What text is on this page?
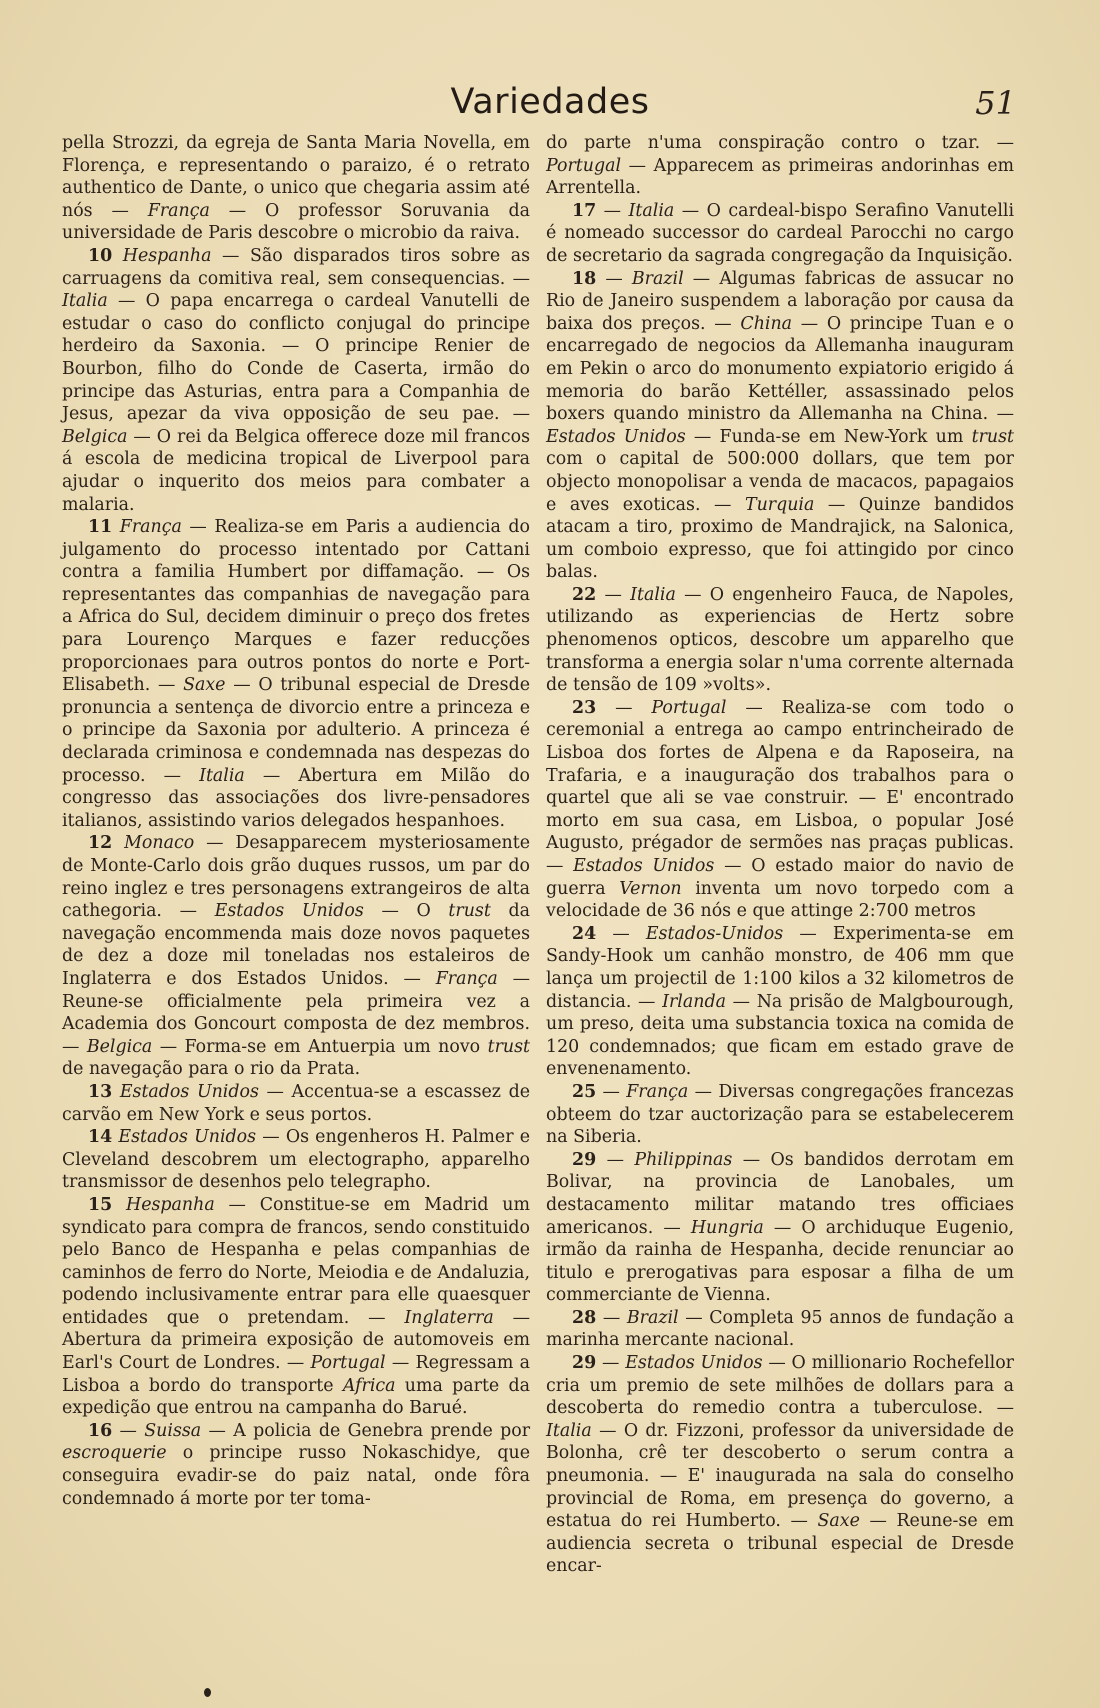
Variedades	51

pella Strozzi, da egreja de Santa Maria Novella, em Florença, e representando o paraizo, é o retrato authentico de Dante, o unico que chegaria assim até nós — França — O professor Soruvania da universidade de Paris descobre o microbio da raiva.

10 Hespanha — São disparados tiros sobre as carruagens da comitiva real, sem consequencias. — Italia — O papa encarrega o cardeal Vanutelli de estudar o caso do conflicto conjugal do principe herdeiro da Saxonia. — O principe Renier de Bourbon, filho do Conde de Caserta, irmão do principe das Asturias, entra para a Companhia de Jesus, apezar da viva opposição de seu pae. — Belgica — O rei da Belgica offerece doze mil francos á escola de medicina tropical de Liverpool para ajudar o inquerito dos meios para combater a malaria.

11 França — Realiza-se em Paris a audiencia do julgamento do processo intentado por Cattani contra a familia Humbert por diffamação. — Os representantes das companhias de navegação para a Africa do Sul, decidem diminuir o preço dos fretes para Lourenço Marques e fazer reducções proporcionaes para outros pontos do norte e Port-Elisabeth. — Saxe — O tribunal especial de Dresde pronuncia a sentença de divorcio entre a princeza e o principe da Saxonia por adulterio. A princeza é declarada criminosa e condemnada nas despezas do processo. — Italia — Abertura em Milão do congresso das associações dos livre-pensadores italianos, assistindo varios delegados hespanhoes.

12 Monaco — Desapparecem mysteriosamente de Monte-Carlo dois grão duques russos, um par do reino inglez e tres personagens extrangeiros de alta cathegoria. — Estados Unidos — O trust da navegação encommenda mais doze novos paquetes de dez a doze mil toneladas nos estaleiros de Inglaterra e dos Estados Unidos. — França — Reune-se officialmente pela primeira vez a Academia dos Goncourt composta de dez membros. — Belgica — Forma-se em Antuerpia um novo trust de navegação para o rio da Prata.

13 Estados Unidos — Accentua-se a escassez de carvão em New York e seus portos.

14 Estados Unidos — Os engenheros H. Palmer e Cleveland descobrem um electographo, apparelho transmissor de desenhos pelo telegrapho.

15 Hespanha — Constitue-se em Madrid um syndicato para compra de francos, sendo constituido pelo Banco de Hespanha e pelas companhias de caminhos de ferro do Norte, Meiodia e de Andaluzia, podendo inclusivamente entrar para elle quaesquer entidades que o pretendam. — Inglaterra — Abertura da primeira exposição de automoveis em Earl's Court de Londres. — Portugal — Regressam a Lisboa a bordo do transporte Africa uma parte da expedição que entrou na campanha do Barué.

16 — Suissa — A policia de Genebra prende por escroquerie o principe russo Nokaschidye, que conseguira evadir-se do paiz natal, onde fôra condemnado á morte por ter toma-

do parte n'uma conspiração contro o tzar. — Portugal — Apparecem as primeiras andorinhas em Arrentella.

17 — Italia — O cardeal-bispo Serafino Vanutelli é nomeado successor do cardeal Parocchi no cargo de secretario da sagrada congregação da Inquisição.

18 — Brazil — Algumas fabricas de assucar no Rio de Janeiro suspendem a laboração por causa da baixa dos preços. — China — O principe Tuan e o encarregado de negocios da Allemanha inauguram em Pekin o arco do monumento expiatorio erigido á memoria do barão Kettéller, assassinado pelos boxers quando ministro da Allemanha na China. — Estados Unidos — Funda-se em New-York um trust com o capital de 500:000 dollars, que tem por objecto monopolisar a venda de macacos, papagaios e aves exoticas. — Turquia — Quinze bandidos atacam a tiro, proximo de Mandrajick, na Salonica, um comboio expresso, que foi attingido por cinco balas.

22 — Italia — O engenheiro Fauca, de Napoles, utilizando as experiencias de Hertz sobre phenomenos opticos, descobre um apparelho que transforma a energia solar n'uma corrente alternada de tensão de 109 »volts».

23 — Portugal — Realiza-se com todo o ceremonial a entrega ao campo entrincheirado de Lisboa dos fortes de Alpena e da Raposeira, na Trafaria, e a inauguração dos trabalhos para o quartel que ali se vae construir. — E' encontrado morto em sua casa, em Lisboa, o popular José Augusto, prégador de sermões nas praças publicas. — Estados Unidos — O estado maior do navio de guerra Vernon inventa um novo torpedo com a velocidade de 36 nós e que attinge 2:700 metros

24 — Estados-Unidos — Experimenta-se em Sandy-Hook um canhão monstro, de 406 mm que lança um projectil de 1:100 kilos a 32 kilometros de distancia. — Irlanda — Na prisão de Malgbourough, um preso, deita uma substancia toxica na comida de 120 condemnados; que ficam em estado grave de envenenamento.

25 — França — Diversas congregações francezas obteem do tzar auctorização para se estabelecerem na Siberia.

29 — Philippinas — Os bandidos derrotam em Bolivar, na provincia de Lanobales, um destacamento militar matando tres officiaes americanos. — Hungria — O archiduque Eugenio, irmão da rainha de Hespanha, decide renunciar ao titulo e prerogativas para esposar a filha de um commerciante de Vienna.

28 — Brazil — Completa 95 annos de fundação a marinha mercante nacional.

29 — Estados Unidos — O millionario Rochefellor cria um premio de sete milhões de dollars para a descoberta do remedio contra a tuberculose. — Italia — O dr. Fizzoni, professor da universidade de Bolonha, crê ter descoberto o serum contra a pneumonia. — E' inaugurada na sala do conselho provincial de Roma, em presença do governo, a estatua do rei Humberto. — Saxe — Reune-se em audiencia secreta o tribunal especial de Dresde encar-
